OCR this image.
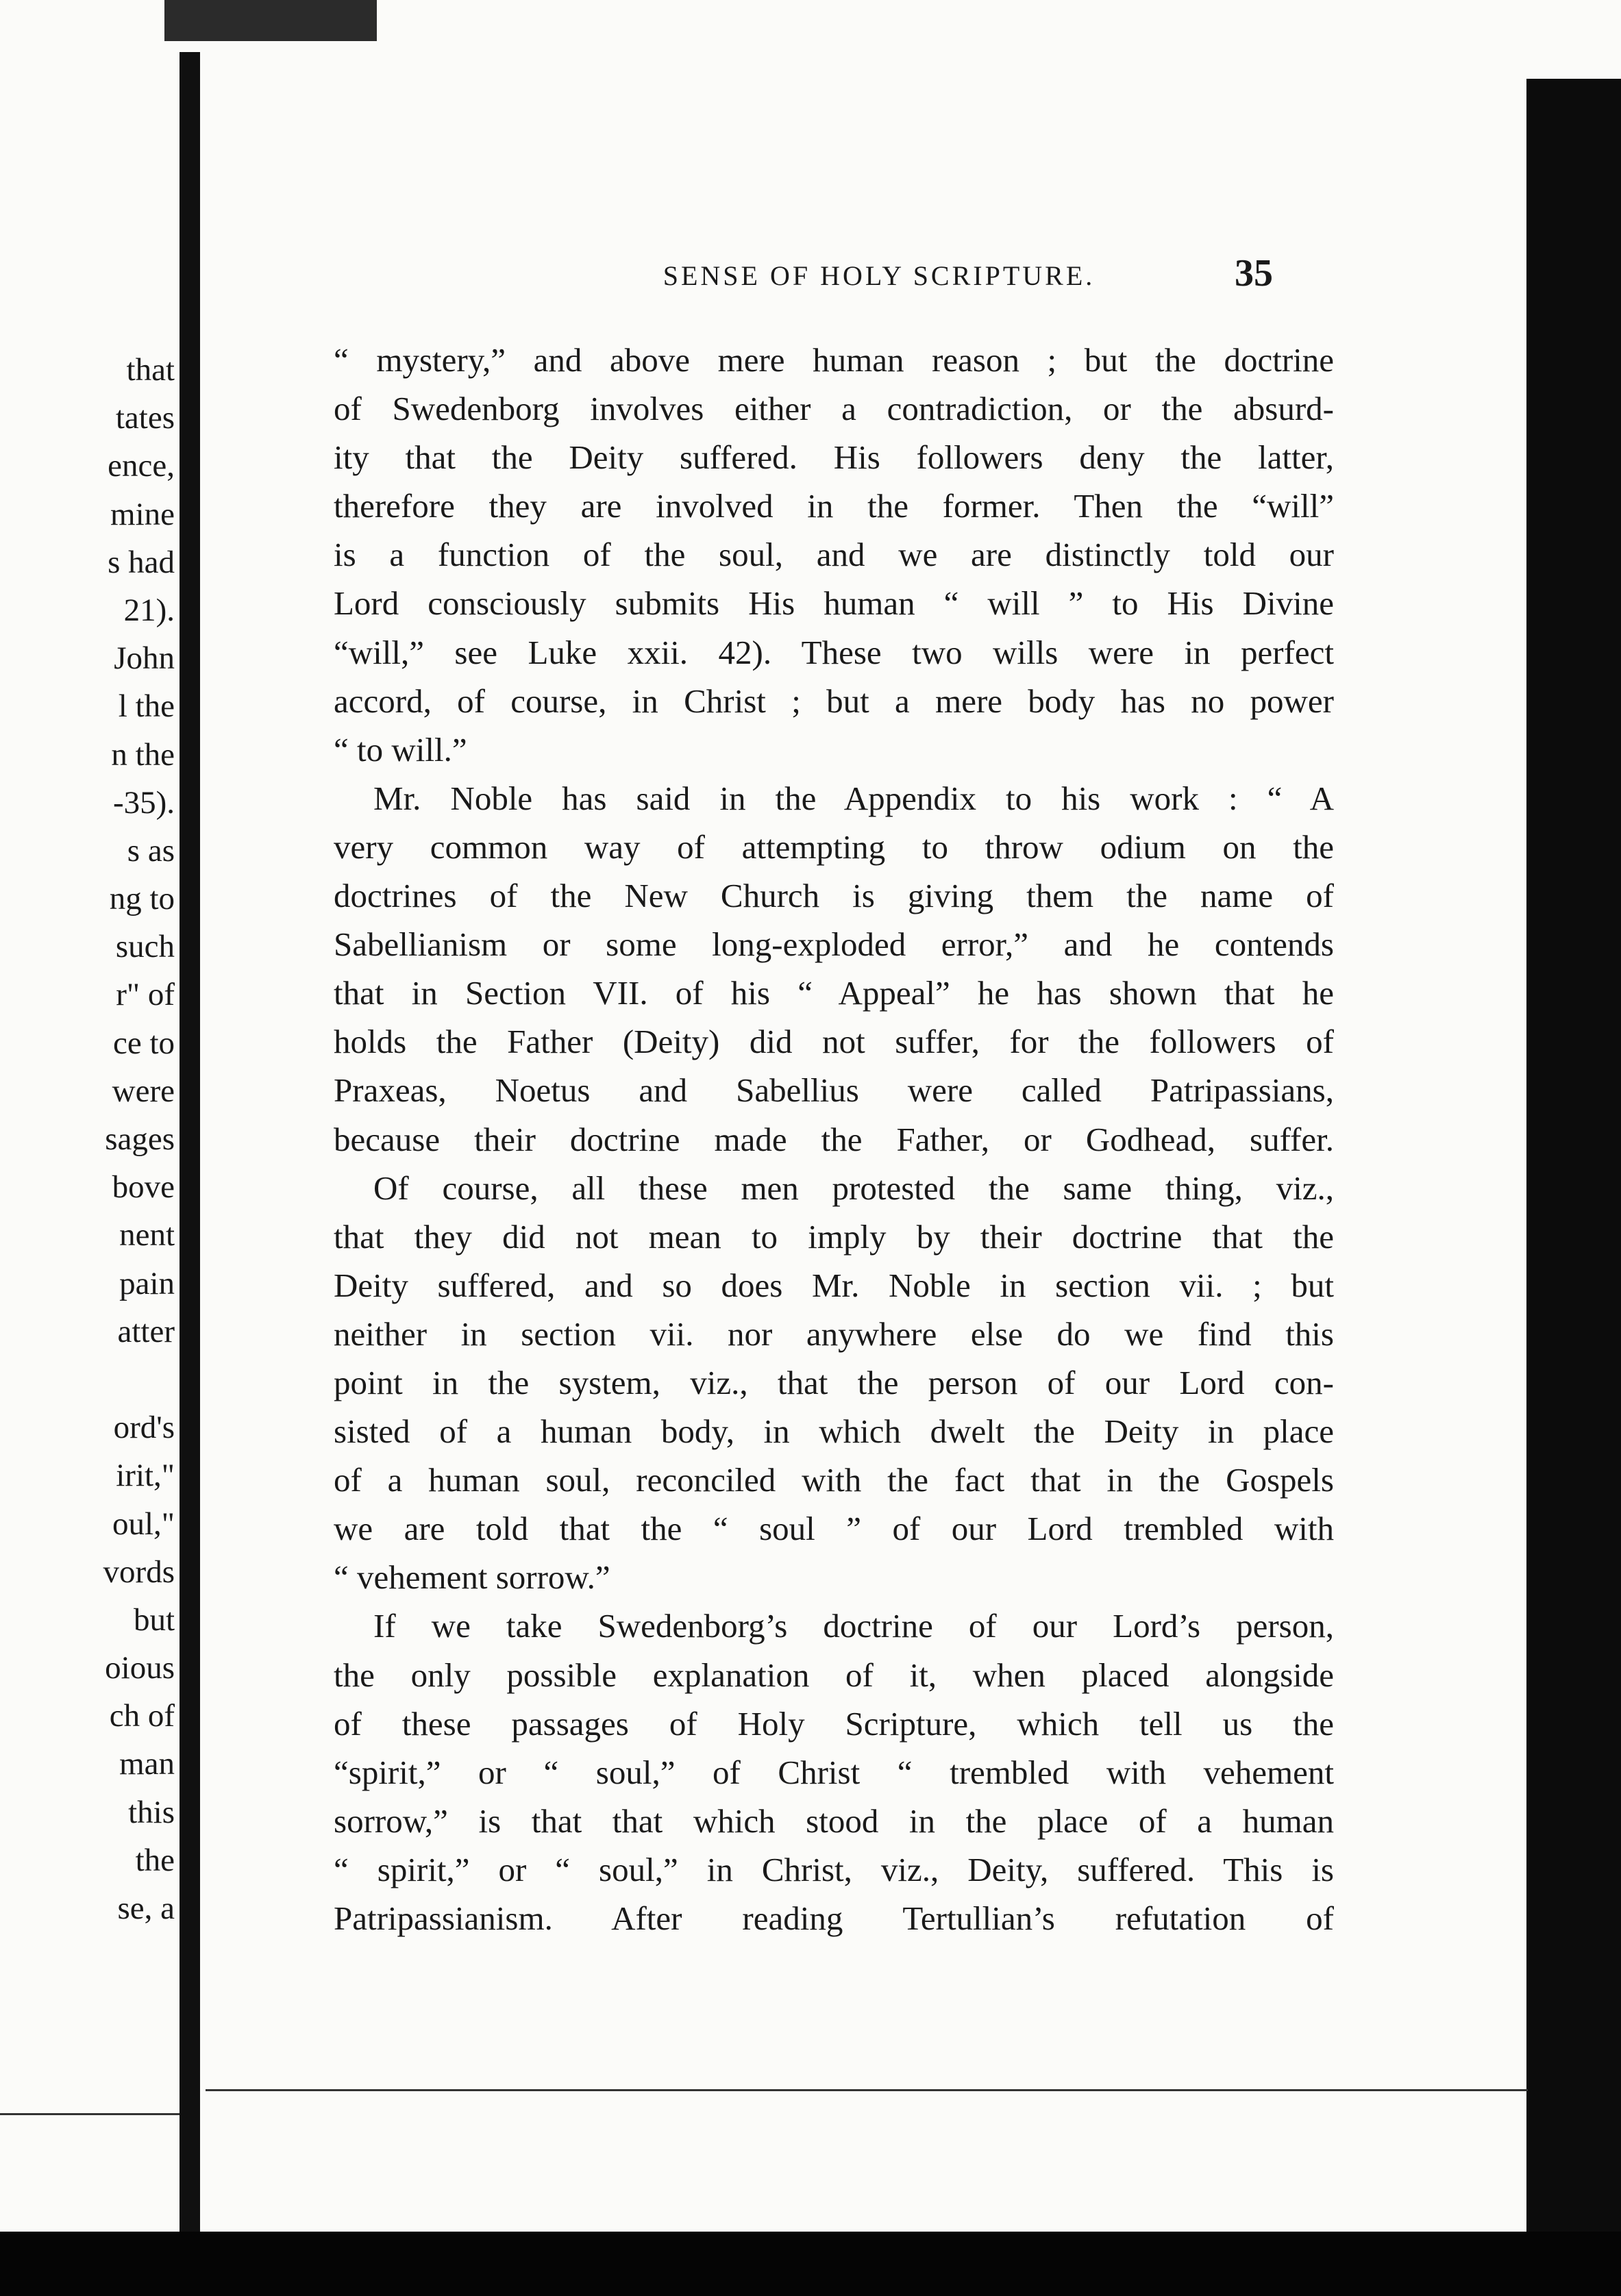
that
tates
ence,
mine
s had
21).
John
l the
n the
-35).
s as
ng to
such
r" of
ce to
were
sages
bove
nent
pain
atter

ord's
irit,"
oul,"
vords
but
oious
ch of
man
this
the
se, a
SENSE OF HOLY SCRIPTURE.	35

“ mystery,” and above mere human reason ; but the doctrine

of Swedenborg involves either a contradiction, or the absurd-

ity that the Deity suffered. His followers deny the latter,

therefore they are involved in the former. Then the “will”

is a function of the soul, and we are distinctly told our

Lord consciously submits His human “ will ” to His Divine

“will,” see Luke xxii. 42). These two wills were in perfect

accord, of course, in Christ ; but a mere body has no power

“ to will.”

Mr. Noble has said in the Appendix to his work : “ A

very common way of attempting to throw odium on the

doctrines of the New Church is giving them the name of

Sabellianism or some long-exploded error,” and he contends

that in Section VII. of his “ Appeal” he has shown that he

holds the Father (Deity) did not suffer, for the followers of

Praxeas, Noetus and Sabellius were called Patripassians,

because their doctrine made the Father, or Godhead, suffer.

Of course, all these men protested the same thing, viz.,

that they did not mean to imply by their doctrine that the

Deity suffered, and so does Mr. Noble in section vii. ; but

neither in section vii. nor anywhere else do we find this

point in the system, viz., that the person of our Lord con-

sisted of a human body, in which dwelt the Deity in place

of a human soul, reconciled with the fact that in the Gospels

we are told that the “ soul ” of our Lord trembled with

“ vehement sorrow.”

If we take Swedenborg’s doctrine of our Lord’s person,

the only possible explanation of it, when placed alongside

of these passages of Holy Scripture, which tell us the

“spirit,” or “ soul,” of Christ “ trembled with vehement

sorrow,” is that that which stood in the place of a human

“ spirit,” or “ soul,” in Christ, viz., Deity, suffered. This is

Patripassianism. After reading Tertullian’s refutation of
